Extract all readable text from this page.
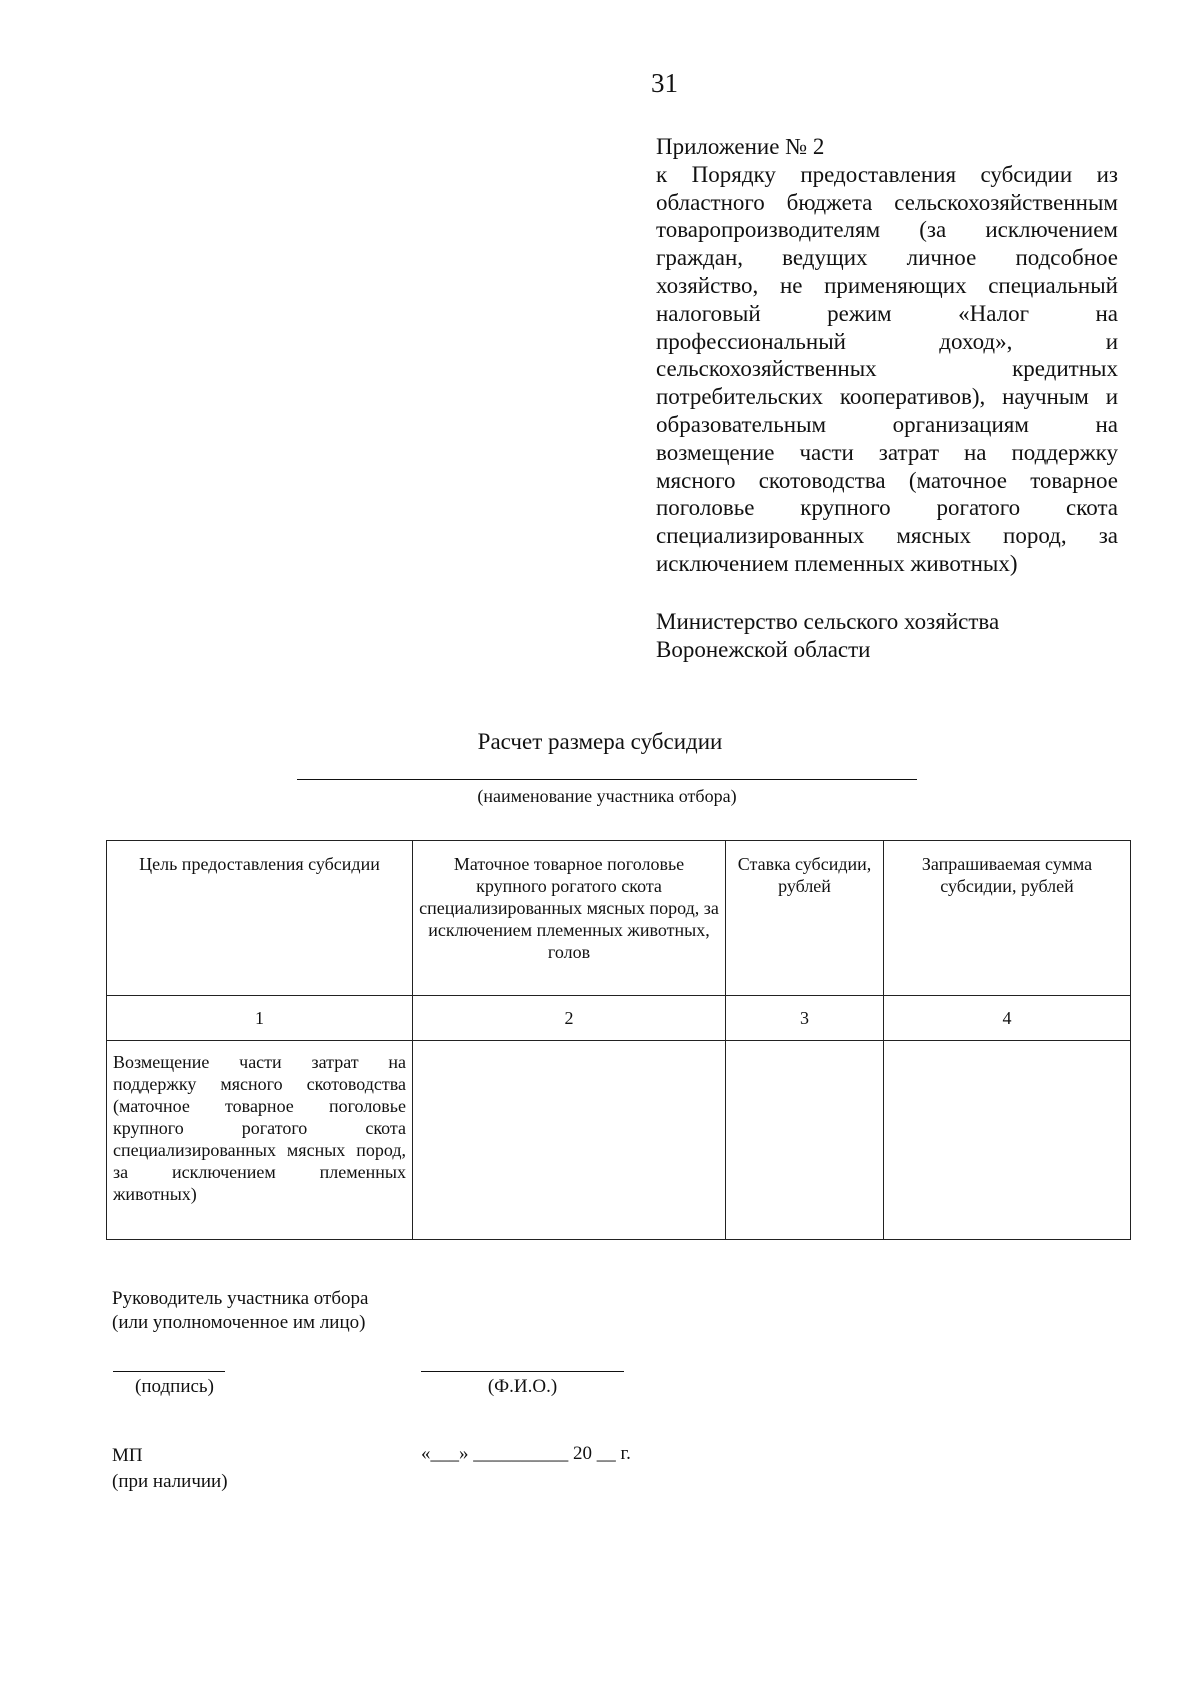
31
Приложение № 2
к Порядку предоставления субсидии из областного бюджета сельскохозяйственным товаропроизводителям (за исключением граждан, ведущих личное подсобное хозяйство, не применяющих специальный налоговый режим «Налог на профессиональный доход», и сельскохозяйственных кредитных потребительских кооперативов), научным и образовательным организациям на возмещение части затрат на поддержку мясного скотоводства (маточное товарное поголовье крупного рогатого скота специализированных мясных пород, за исключением племенных животных)
Министерство сельского хозяйства
Воронежской области
Расчет размера субсидии
(наименование участника отбора)
Цель предоставления субсидии	Маточное товарное поголовье крупного рогатого скота специализированных мясных пород, за исключением племенных животных, голов	Ставка субсидии, рублей	Запрашиваемая сумма субсидии, рублей
1	2	3	4
Возмещение части затрат на поддержку мясного скотоводства (маточное товарное поголовье крупного рогатого скота специализированных мясных пород, за исключением племенных животных)			
Руководитель участника отбора
(или уполномоченное им лицо)
(подпись)	(Ф.И.О.)
МП
(при наличии)
«___» __________ 20 __ г.
